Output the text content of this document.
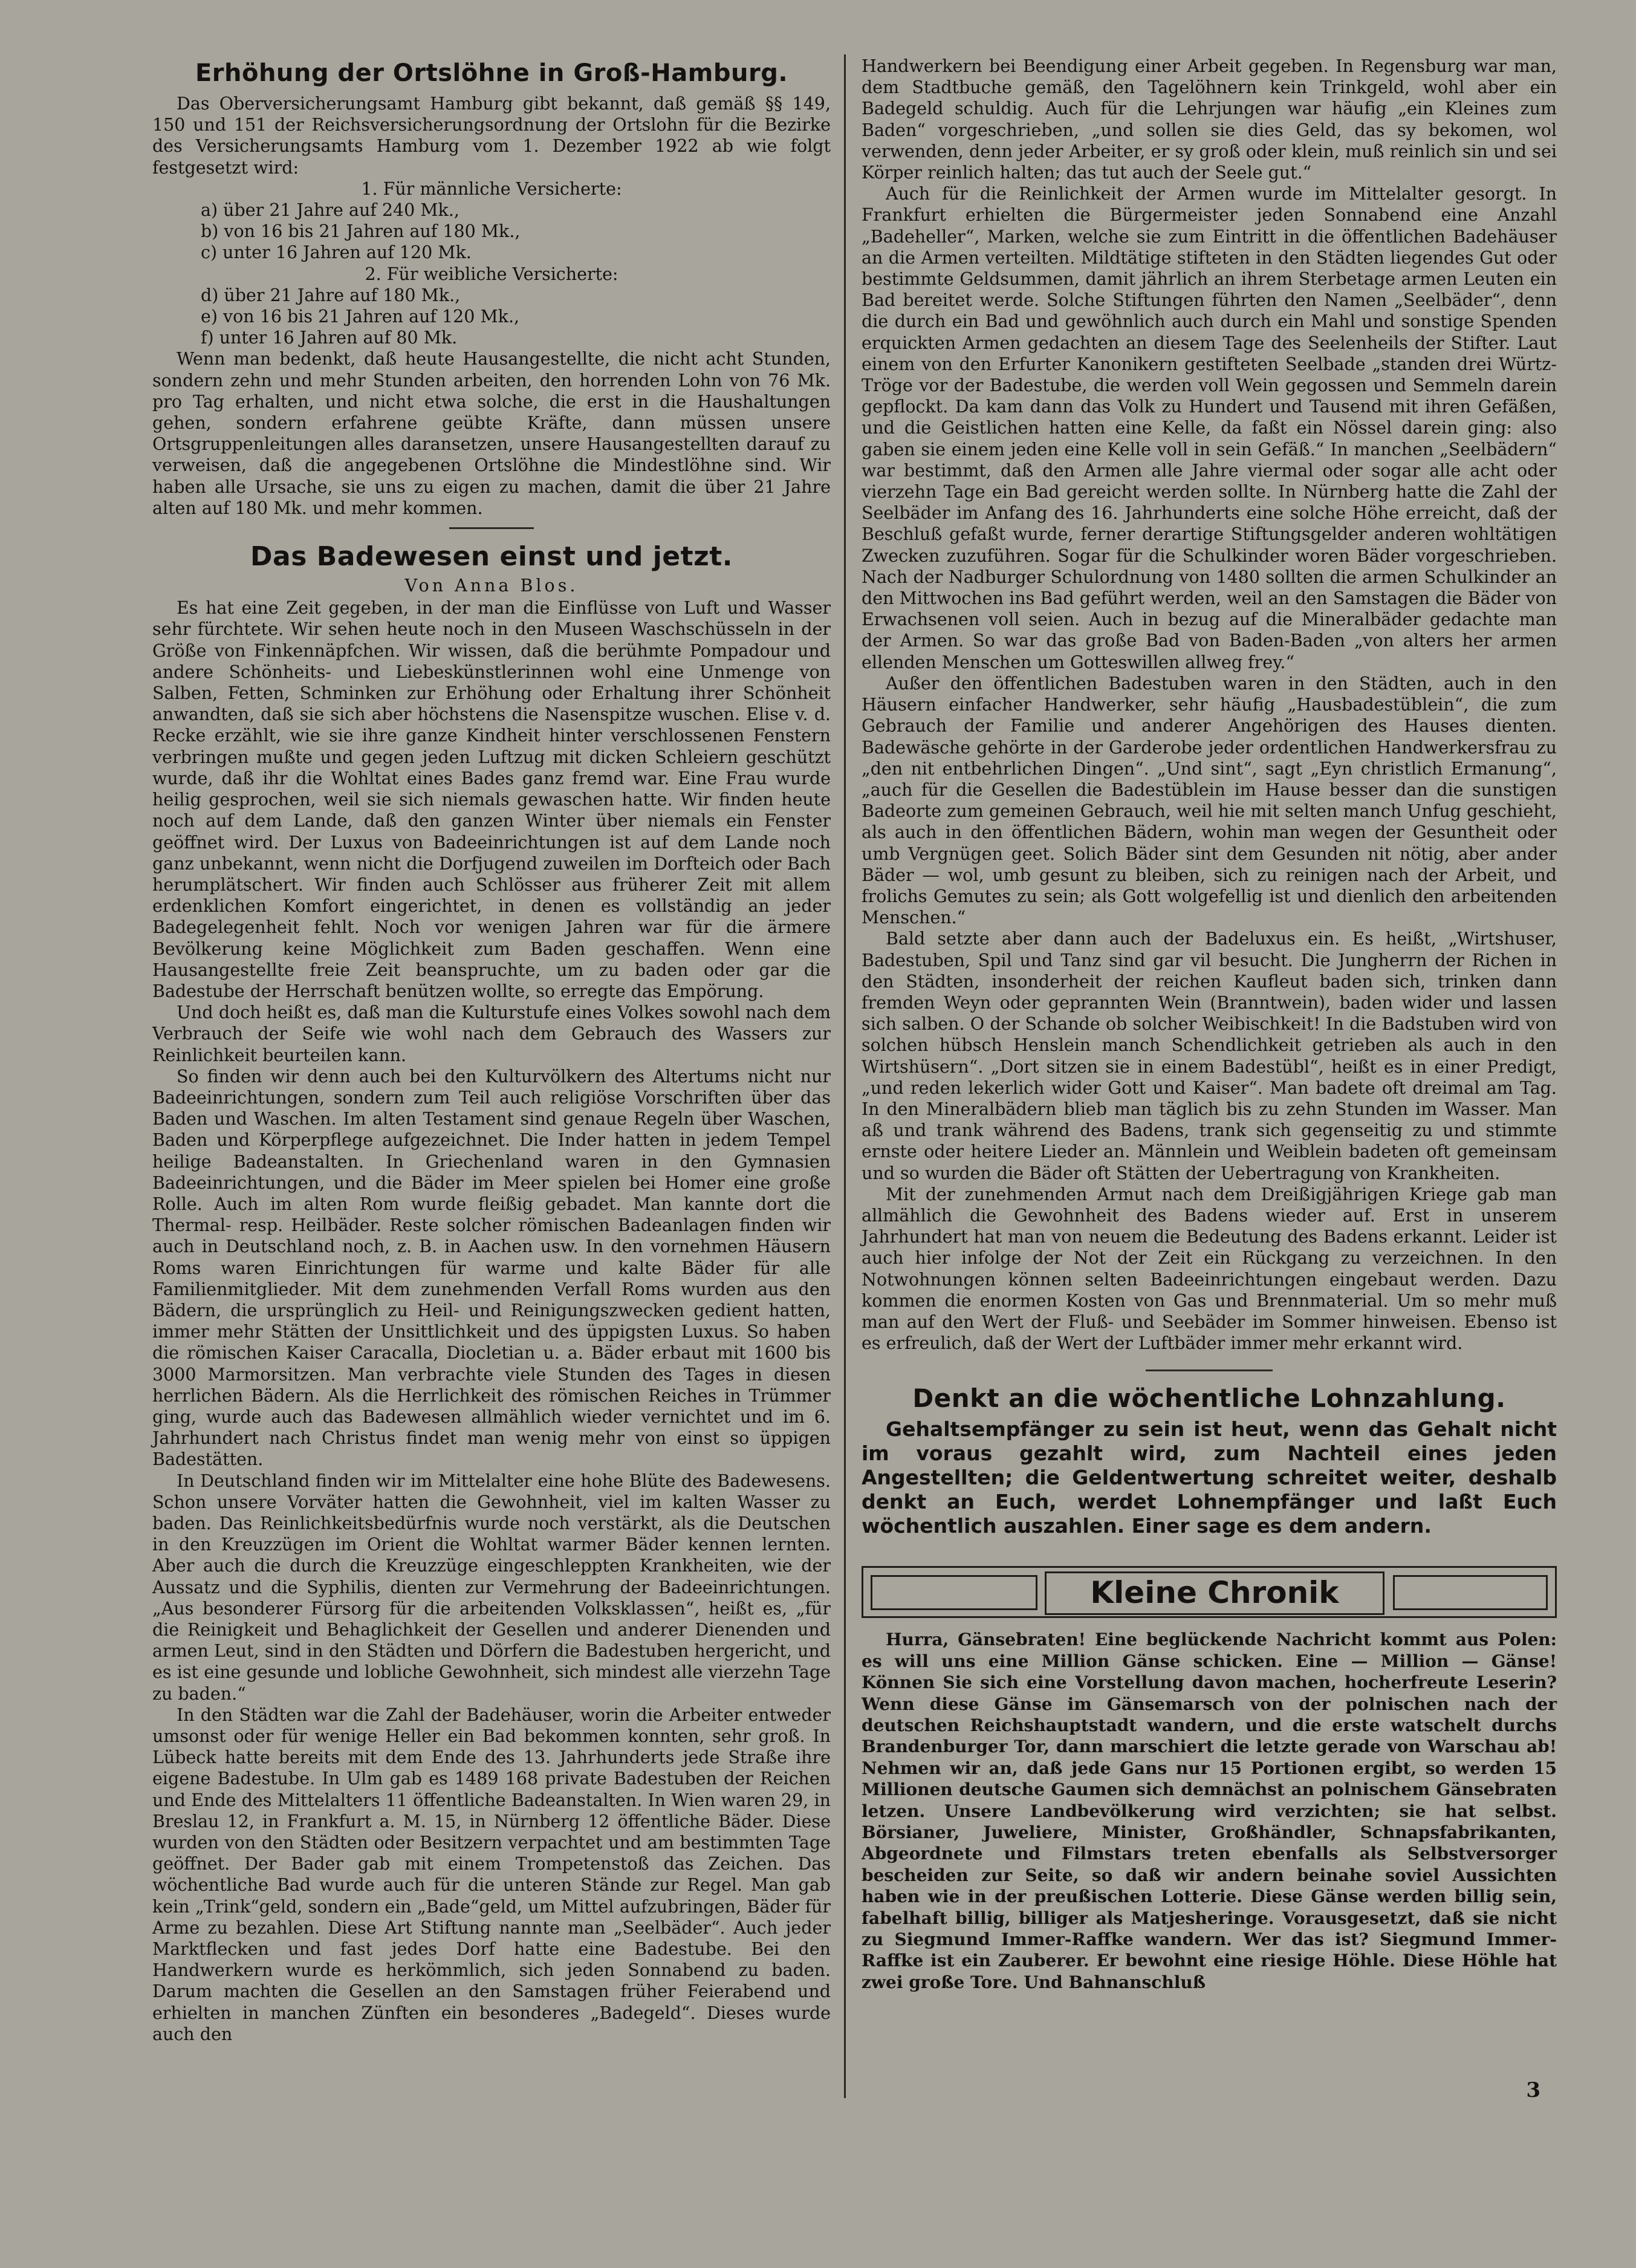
Erhöhung der Ortslöhne in Groß-Hamburg.

Das Oberversicherungsamt Hamburg gibt bekannt, daß gemäß §§ 149, 150 und 151 der Reichsversicherungsordnung der Ortslohn für die Bezirke des Versicherungsamts Hamburg vom 1. Dezember 1922 ab wie folgt festgesetzt wird:

1. Für männliche Versicherte:

a) über 21 Jahre auf 240 Mk.,
b) von 16 bis 21 Jahren auf 180 Mk.,
c) unter 16 Jahren auf 120 Mk.

2. Für weibliche Versicherte:

d) über 21 Jahre auf 180 Mk.,
e) von 16 bis 21 Jahren auf 120 Mk.,
f) unter 16 Jahren auf 80 Mk.

Wenn man bedenkt, daß heute Hausangestellte, die nicht acht Stunden, sondern zehn und mehr Stunden arbeiten, den horrenden Lohn von 76 Mk. pro Tag erhalten, und nicht etwa solche, die erst in die Haushaltungen gehen, sondern erfahrene geübte Kräfte, dann müssen unsere Ortsgruppenleitungen alles daransetzen, unsere Hausangestellten darauf zu verweisen, daß die angegebenen Ortslöhne die Mindestlöhne sind. Wir haben alle Ursache, sie uns zu eigen zu machen, damit die über 21 Jahre alten auf 180 Mk. und mehr kommen.

Das Badewesen einst und jetzt.

Von Anna Blos.

Es hat eine Zeit gegeben, in der man die Einflüsse von Luft und Wasser sehr fürchtete. Wir sehen heute noch in den Museen Waschschüsseln in der Größe von Finkennäpfchen. Wir wissen, daß die berühmte Pompadour und andere Schönheits- und Liebeskünstlerinnen wohl eine Unmenge von Salben, Fetten, Schminken zur Erhöhung oder Erhaltung ihrer Schönheit anwandten, daß sie sich aber höchstens die Nasenspitze wuschen. Elise v. d. Recke erzählt, wie sie ihre ganze Kindheit hinter verschlossenen Fenstern verbringen mußte und gegen jeden Luftzug mit dicken Schleiern geschützt wurde, daß ihr die Wohltat eines Bades ganz fremd war. Eine Frau wurde heilig gesprochen, weil sie sich niemals gewaschen hatte. Wir finden heute noch auf dem Lande, daß den ganzen Winter über niemals ein Fenster geöffnet wird. Der Luxus von Badeeinrichtungen ist auf dem Lande noch ganz unbekannt, wenn nicht die Dorfjugend zuweilen im Dorfteich oder Bach herumplätschert. Wir finden auch Schlösser aus früherer Zeit mit allem erdenklichen Komfort eingerichtet, in denen es vollständig an jeder Badegelegenheit fehlt. Noch vor wenigen Jahren war für die ärmere Bevölkerung keine Möglichkeit zum Baden geschaffen. Wenn eine Hausangestellte freie Zeit beanspruchte, um zu baden oder gar die Badestube der Herrschaft benützen wollte, so erregte das Empörung.

Und doch heißt es, daß man die Kulturstufe eines Volkes sowohl nach dem Verbrauch der Seife wie wohl nach dem Gebrauch des Wassers zur Reinlichkeit beurteilen kann.

So finden wir denn auch bei den Kulturvölkern des Altertums nicht nur Badeeinrichtungen, sondern zum Teil auch religiöse Vorschriften über das Baden und Waschen. Im alten Testament sind genaue Regeln über Waschen, Baden und Körperpflege aufgezeichnet. Die Inder hatten in jedem Tempel heilige Badeanstalten. In Griechenland waren in den Gymnasien Badeeinrichtungen, und die Bäder im Meer spielen bei Homer eine große Rolle. Auch im alten Rom wurde fleißig gebadet. Man kannte dort die Thermal- resp. Heilbäder. Reste solcher römischen Badeanlagen finden wir auch in Deutschland noch, z. B. in Aachen usw. In den vornehmen Häusern Roms waren Einrichtungen für warme und kalte Bäder für alle Familienmitglieder. Mit dem zunehmenden Verfall Roms wurden aus den Bädern, die ursprünglich zu Heil- und Reinigungszwecken gedient hatten, immer mehr Stätten der Unsittlichkeit und des üppigsten Luxus. So haben die römischen Kaiser Caracalla, Diocletian u. a. Bäder erbaut mit 1600 bis 3000 Marmorsitzen. Man verbrachte viele Stunden des Tages in diesen herrlichen Bädern. Als die Herrlichkeit des römischen Reiches in Trümmer ging, wurde auch das Badewesen allmählich wieder vernichtet und im 6. Jahrhundert nach Christus findet man wenig mehr von einst so üppigen Badestätten.

In Deutschland finden wir im Mittelalter eine hohe Blüte des Badewesens. Schon unsere Vorväter hatten die Gewohnheit, viel im kalten Wasser zu baden. Das Reinlichkeitsbedürfnis wurde noch verstärkt, als die Deutschen in den Kreuzzügen im Orient die Wohltat warmer Bäder kennen lernten. Aber auch die durch die Kreuzzüge eingeschleppten Krankheiten, wie der Aussatz und die Syphilis, dienten zur Vermehrung der Badeeinrichtungen. „Aus besonderer Fürsorg für die arbeitenden Volksklassen“, heißt es, „für die Reinigkeit und Behaglichkeit der Gesellen und anderer Dienenden und armen Leut, sind in den Städten und Dörfern die Badestuben hergericht, und es ist eine gesunde und lobliche Gewohnheit, sich mindest alle vierzehn Tage zu baden.“

In den Städten war die Zahl der Badehäuser, worin die Arbeiter entweder umsonst oder für wenige Heller ein Bad bekommen konnten, sehr groß. In Lübeck hatte bereits mit dem Ende des 13. Jahrhunderts jede Straße ihre eigene Badestube. In Ulm gab es 1489 168 private Badestuben der Reichen und Ende des Mittelalters 11 öffentliche Badeanstalten. In Wien waren 29, in Breslau 12, in Frankfurt a. M. 15, in Nürnberg 12 öffentliche Bäder. Diese wurden von den Städten oder Besitzern verpachtet und am bestimmten Tage geöffnet. Der Bader gab mit einem Trompetenstoß das Zeichen. Das wöchentliche Bad wurde auch für die unteren Stände zur Regel. Man gab kein „Trink“geld, sondern ein „Bade“geld, um Mittel aufzubringen, Bäder für Arme zu bezahlen. Diese Art Stiftung nannte man „Seelbäder“. Auch jeder Marktflecken und fast jedes Dorf hatte eine Badestube. Bei den Handwerkern wurde es herkömmlich, sich jeden Sonnabend zu baden. Darum machten die Gesellen an den Samstagen früher Feierabend und erhielten in manchen Zünften ein besonderes „Badegeld“. Dieses wurde auch den

Handwerkern bei Beendigung einer Arbeit gegeben. In Regensburg war man, dem Stadtbuche gemäß, den Tagelöhnern kein Trinkgeld, wohl aber ein Badegeld schuldig. Auch für die Lehrjungen war häufig „ein Kleines zum Baden“ vorgeschrieben, „und sollen sie dies Geld, das sy bekomen, wol verwenden, denn jeder Arbeiter, er sy groß oder klein, muß reinlich sin und sei Körper reinlich halten; das tut auch der Seele gut.“

Auch für die Reinlichkeit der Armen wurde im Mittelalter gesorgt. In Frankfurt erhielten die Bürgermeister jeden Sonnabend eine Anzahl „Badeheller“, Marken, welche sie zum Eintritt in die öffentlichen Badehäuser an die Armen verteilten. Mildtätige stifteten in den Städten liegendes Gut oder bestimmte Geldsummen, damit jährlich an ihrem Sterbetage armen Leuten ein Bad bereitet werde. Solche Stiftungen führten den Namen „Seelbäder“, denn die durch ein Bad und gewöhnlich auch durch ein Mahl und sonstige Spenden erquickten Armen gedachten an diesem Tage des Seelenheils der Stifter. Laut einem von den Erfurter Kanonikern gestifteten Seelbade „standen drei Würtz-Tröge vor der Badestube, die werden voll Wein gegossen und Semmeln darein gepflockt. Da kam dann das Volk zu Hundert und Tausend mit ihren Gefäßen, und die Geistlichen hatten eine Kelle, da faßt ein Nössel darein ging: also gaben sie einem jeden eine Kelle voll in sein Gefäß.“ In manchen „Seelbädern“ war bestimmt, daß den Armen alle Jahre viermal oder sogar alle acht oder vierzehn Tage ein Bad gereicht werden sollte. In Nürnberg hatte die Zahl der Seelbäder im Anfang des 16. Jahrhunderts eine solche Höhe erreicht, daß der Beschluß gefaßt wurde, ferner derartige Stiftungsgelder anderen wohltätigen Zwecken zuzuführen. Sogar für die Schulkinder woren Bäder vorgeschrieben. Nach der Nadburger Schulordnung von 1480 sollten die armen Schulkinder an den Mittwochen ins Bad geführt werden, weil an den Samstagen die Bäder von Erwachsenen voll seien. Auch in bezug auf die Mineralbäder gedachte man der Armen. So war das große Bad von Baden-Baden „von alters her armen ellenden Menschen um Gotteswillen allweg frey.“

Außer den öffentlichen Badestuben waren in den Städten, auch in den Häusern einfacher Handwerker, sehr häufig „Hausbadestüblein“, die zum Gebrauch der Familie und anderer Angehörigen des Hauses dienten. Badewäsche gehörte in der Garderobe jeder ordentlichen Handwerkersfrau zu „den nit entbehrlichen Dingen“. „Und sint“, sagt „Eyn christlich Ermanung“, „auch für die Gesellen die Badestüblein im Hause besser dan die sunstigen Badeorte zum gemeinen Gebrauch, weil hie mit selten manch Unfug geschieht, als auch in den öffentlichen Bädern, wohin man wegen der Gesuntheit oder umb Vergnügen geet. Solich Bäder sint dem Gesunden nit nötig, aber ander Bäder — wol, umb gesunt zu bleiben, sich zu reinigen nach der Arbeit, und frolichs Gemutes zu sein; als Gott wolgefellig ist und dienlich den arbeitenden Menschen.“

Bald setzte aber dann auch der Badeluxus ein. Es heißt, „Wirtshuser, Badestuben, Spil und Tanz sind gar vil besucht. Die Jungherrn der Richen in den Städten, insonderheit der reichen Kaufleut baden sich, trinken dann fremden Weyn oder geprannten Wein (Branntwein), baden wider und lassen sich salben. O der Schande ob solcher Weibischkeit! In die Badstuben wird von solchen hübsch Henslein manch Schendlichkeit getrieben als auch in den Wirtshüsern“. „Dort sitzen sie in einem Badestübl“, heißt es in einer Predigt, „und reden lekerlich wider Gott und Kaiser“. Man badete oft dreimal am Tag. In den Mineralbädern blieb man täglich bis zu zehn Stunden im Wasser. Man aß und trank während des Badens, trank sich gegenseitig zu und stimmte ernste oder heitere Lieder an. Männlein und Weiblein badeten oft gemeinsam und so wurden die Bäder oft Stätten der Uebertragung von Krankheiten.

Mit der zunehmenden Armut nach dem Dreißigjährigen Kriege gab man allmählich die Gewohnheit des Badens wieder auf. Erst in unserem Jahrhundert hat man von neuem die Bedeutung des Badens erkannt. Leider ist auch hier infolge der Not der Zeit ein Rückgang zu verzeichnen. In den Notwohnungen können selten Badeeinrichtungen eingebaut werden. Dazu kommen die enormen Kosten von Gas und Brennmaterial. Um so mehr muß man auf den Wert der Fluß- und Seebäder im Sommer hinweisen. Ebenso ist es erfreulich, daß der Wert der Luftbäder immer mehr erkannt wird.

Denkt an die wöchentliche Lohnzahlung.

Gehaltsempfänger zu sein ist heut, wenn das Gehalt nicht im voraus gezahlt wird, zum Nachteil eines jeden Angestellten; die Geldentwertung schreitet weiter, deshalb denkt an Euch, werdet Lohnempfänger und laßt Euch wöchentlich auszahlen. Einer sage es dem andern.

Kleine Chronik

Hurra, Gänsebraten! Eine beglückende Nachricht kommt aus Polen: es will uns eine Million Gänse schicken. Eine — Million — Gänse! Können Sie sich eine Vorstellung davon machen, hocherfreute Leserin? Wenn diese Gänse im Gänsemarsch von der polnischen nach der deutschen Reichshauptstadt wandern, und die erste watschelt durchs Brandenburger Tor, dann marschiert die letzte gerade von Warschau ab! Nehmen wir an, daß jede Gans nur 15 Portionen ergibt, so werden 15 Millionen deutsche Gaumen sich demnächst an polnischem Gänsebraten letzen. Unsere Landbevölkerung wird verzichten; sie hat selbst. Börsianer, Juweliere, Minister, Großhändler, Schnapsfabrikanten, Abgeordnete und Filmstars treten ebenfalls als Selbstversorger bescheiden zur Seite, so daß wir andern beinahe soviel Aussichten haben wie in der preußischen Lotterie. Diese Gänse werden billig sein, fabelhaft billig, billiger als Matjesheringe. Vorausgesetzt, daß sie nicht zu Siegmund Immer-Raffke wandern. Wer das ist? Siegmund Immer-Raffke ist ein Zauberer. Er bewohnt eine riesige Höhle. Diese Höhle hat zwei große Tore. Und Bahnanschluß

3
